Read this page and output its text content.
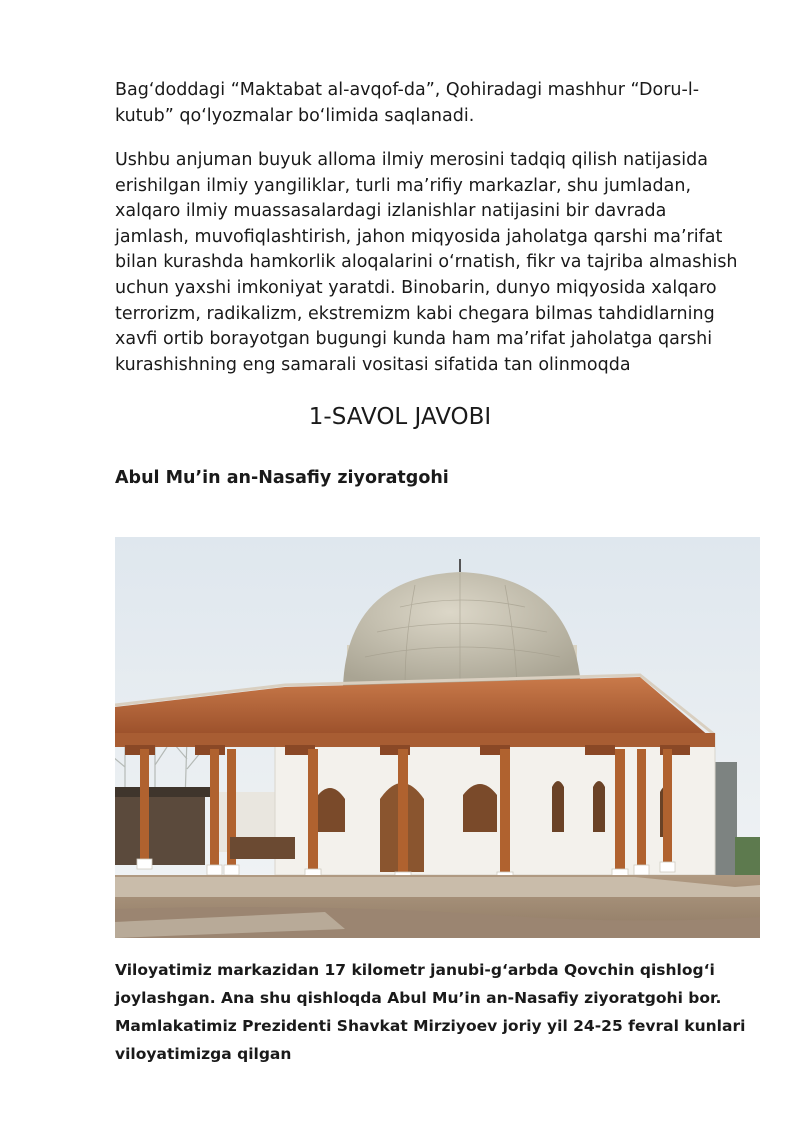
Bag‘doddagi “Maktabat al-avqof-da”, Qohiradagi mashhur “Doru-l-kutub” qo‘lyozmalar bo‘limida saqlanadi.

Ushbu anjuman buyuk alloma ilmiy merosini tadqiq qilish natijasida erishilgan ilmiy yangiliklar, turli ma’rifiy markazlar, shu jumladan, xalqaro ilmiy muassasalardagi izlanishlar natijasini bir davrada jamlash, muvofiqlashtirish, jahon miqyosida jaholatga qarshi ma’rifat bilan kurashda hamkorlik aloqalarini o‘rnatish, fikr va tajriba almashish uchun yaxshi imkoniyat yaratdi. Binobarin, dunyo miqyosida xalqaro terrorizm, radikalizm, ekstremizm kabi chegara bilmas tahdidlarning xavfi ortib borayotgan bugungi kunda ham ma’rifat jaholatga qarshi kurashishning eng samarali vositasi sifatida tan olinmoqda

1-SAVOL JAVOBI
Abul Mu’in an-Nasafiy ziyoratgohi

Viloyatimiz markazidan 17 kilometr janubi-g‘arbda Qovchin qishlog‘i joylashgan. Ana shu qishloqda Abul Mu’in an-Nasafiy ziyoratgohi bor. Mamlakatimiz Prezidenti Shavkat Mirziyoev joriy yil 24-25 fevral kunlari viloyatimizga qilgan
